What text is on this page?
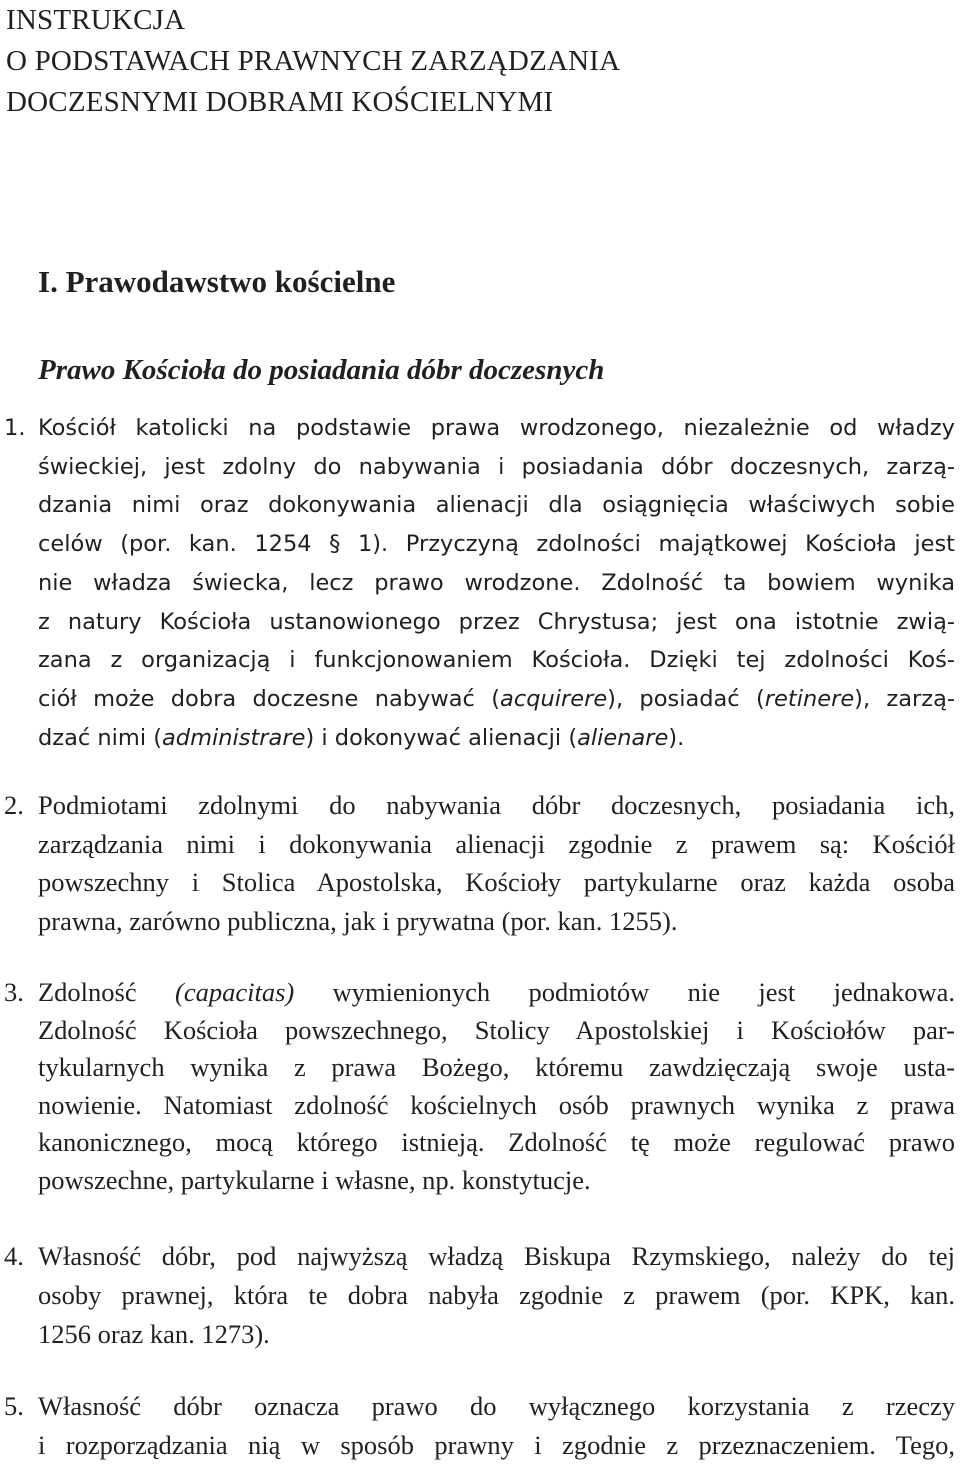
INSTRUKCJA
O PODSTAWACH PRAWNYCH ZARZĄDZANIA
DOCZESNYMI DOBRAMI KOŚCIELNYMI
I. Prawodawstwo kościelne
Prawo Kościoła do posiadania dóbr doczesnych
1. Kościół katolicki na podstawie prawa wrodzonego, niezależnie od władzy
świeckiej, jest zdolny do nabywania i posiadania dóbr doczesnych, zarzą-
dzania nimi oraz dokonywania alienacji dla osiągnięcia właściwych sobie
celów (por. kan. 1254 § 1). Przyczyną zdolności majątkowej Kościoła jest
nie władza świecka, lecz prawo wrodzone. Zdolność ta bowiem wynika
z natury Kościoła ustanowionego przez Chrystusa; jest ona istotnie zwią-
zana z organizacją i funkcjonowaniem Kościoła. Dzięki tej zdolności Koś-
ciół może dobra doczesne nabywać (acquirere), posiadać (retinere), zarzą-
dzać nimi (administrare) i dokonywać alienacji (alienare).
2. Podmiotami zdolnymi do nabywania dóbr doczesnych, posiadania ich,
zarządzania nimi i dokonywania alienacji zgodnie z prawem są: Kościół
powszechny i Stolica Apostolska, Kościoły partykularne oraz każda osoba
prawna, zarówno publiczna, jak i prywatna (por. kan. 1255).
3. Zdolność (capacitas) wymienionych podmiotów nie jest jednakowa.
Zdolność Kościoła powszechnego, Stolicy Apostolskiej i Kościołów par-
tykularnych wynika z prawa Bożego, któremu zawdzięczają swoje usta-
nowienie. Natomiast zdolność kościelnych osób prawnych wynika z prawa
kanonicznego, mocą którego istnieją. Zdolność tę może regulować prawo
powszechne, partykularne i własne, np. konstytucje.
4. Własność dóbr, pod najwyższą władzą Biskupa Rzymskiego, należy do tej
osoby prawnej, która te dobra nabyła zgodnie z prawem (por. KPK, kan.
1256 oraz kan. 1273).
5. Własność dóbr oznacza prawo do wyłącznego korzystania z rzeczy
i rozporządzania nią w sposób prawny i zgodnie z przeznaczeniem. Tego,
